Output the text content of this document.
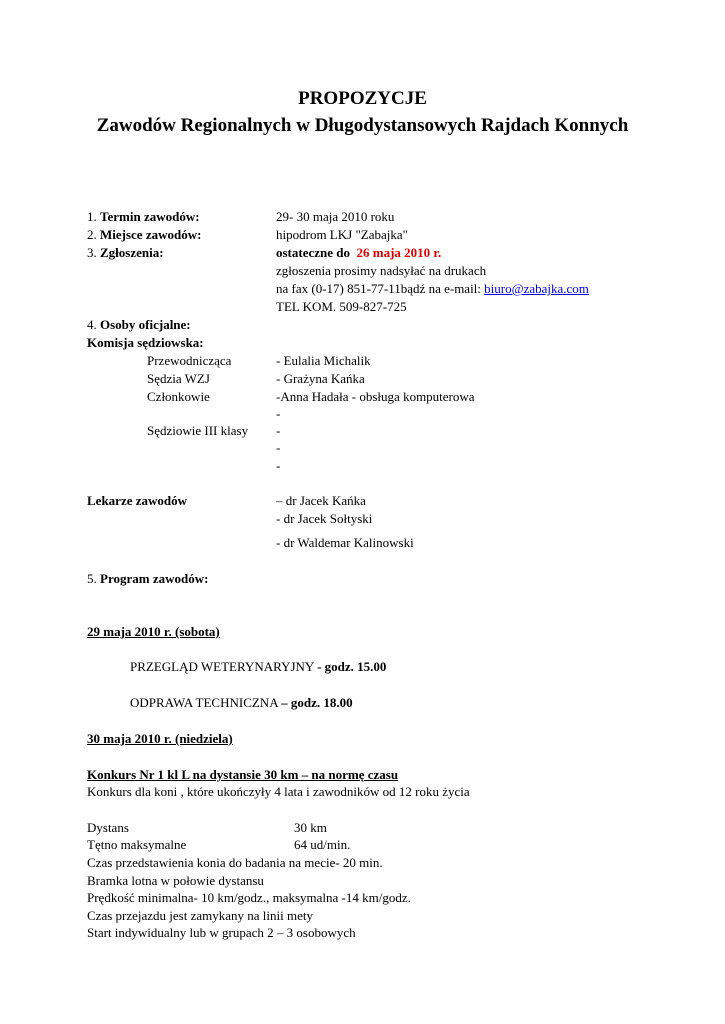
PROPOZYCJE
Zawodów Regionalnych w Długodystansowych Rajdach Konnych
1. Termin zawodów:	29- 30 maja 2010 roku
2. Miejsce zawodów:	hipodrom LKJ "Zabajka"
3. Zgłoszenia:	ostateczne do 26 maja 2010 r.
zgłoszenia prosimy nadsyłać na drukach
na fax (0-17) 851-77-11bądź na e-mail: biuro@zabajka.com
TEL KOM. 509-827-725
4. Osoby oficjalne:
Komisja sędziowska:
Przewodnicząca	- Eulalia Michalik
Sędzia WZJ	- Grażyna Kańka
Członkowie	-Anna Hadała - obsługa komputerowa
-
Sędziowie III klasy -
-
-
Lekarze zawodów	– dr Jacek Kańka
- dr Jacek Sołtyski
- dr Waldemar Kalinowski
5. Program zawodów:
29 maja 2010 r. (sobota)
PRZEGLĄD WETERYNARYJNY - godz. 15.00
ODPRAWA TECHNICZNA – godz. 18.00
30 maja 2010 r. (niedziela)
Konkurs Nr 1 kl L na dystansie 30 km – na normę czasu
Konkurs dla koni , które ukończyły 4 lata i zawodników od 12 roku życia
Dystans	30 km
Tętno maksymalne	64 ud/min.
Czas przedstawienia konia do badania na mecie- 20 min.
Bramka lotna w połowie dystansu
Prędkość minimalna- 10 km/godz., maksymalna -14 km/godz.
Czas przejazdu jest zamykany na linii mety
Start indywidualny lub w grupach 2 – 3 osobowych
